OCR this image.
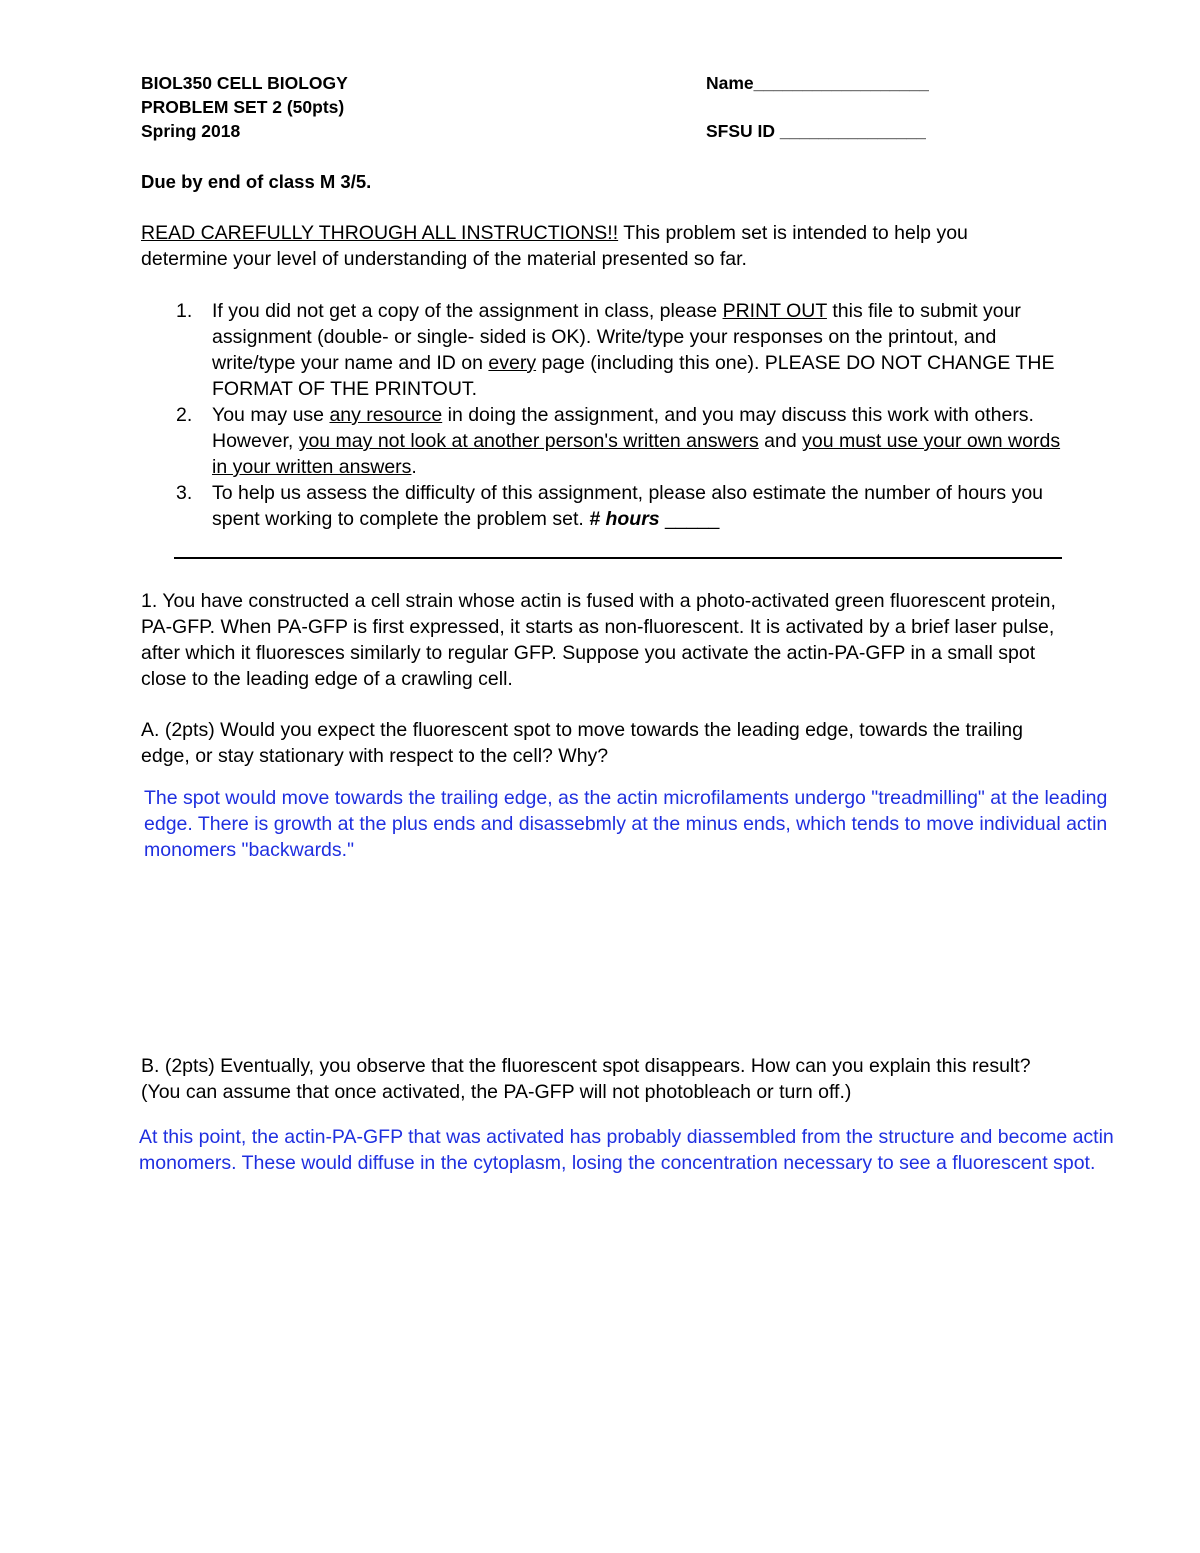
BIOL350 CELL BIOLOGY
PROBLEM SET 2 (50pts)
Spring 2018
Name__________________
SFSU ID _______________
Due by end of class M 3/5.

READ CAREFULLY THROUGH ALL INSTRUCTIONS!! This problem set is intended to help you determine your level of understanding of the material presented so far.

1. If you did not get a copy of the assignment in class, please PRINT OUT this file to submit your assignment (double- or single- sided is OK). Write/type your responses on the printout, and write/type your name and ID on every page (including this one). PLEASE DO NOT CHANGE THE FORMAT OF THE PRINTOUT.
2. You may use any resource in doing the assignment, and you may discuss this work with others. However, you may not look at another person's written answers and you must use your own words in your written answers.
3. To help us assess the difficulty of this assignment, please also estimate the number of hours you spent working to complete the problem set. # hours _____

1. You have constructed a cell strain whose actin is fused with a photo-activated green fluorescent protein, PA-GFP. When PA-GFP is first expressed, it starts as non-fluorescent. It is activated by a brief laser pulse, after which it fluoresces similarly to regular GFP. Suppose you activate the actin-PA-GFP in a small spot close to the leading edge of a crawling cell.

A. (2pts) Would you expect the fluorescent spot to move towards the leading edge, towards the trailing edge, or stay stationary with respect to the cell? Why?

The spot would move towards the trailing edge, as the actin microfilaments undergo "treadmilling" at the leading edge. There is growth at the plus ends and disassebmly at the minus ends, which tends to move individual actin monomers "backwards."

B. (2pts) Eventually, you observe that the fluorescent spot disappears. How can you explain this result? (You can assume that once activated, the PA-GFP will not photobleach or turn off.)

At this point, the actin-PA-GFP that was activated has probably diassembled from the structure and become actin monomers. These would diffuse in the cytoplasm, losing the concentration necessary to see a fluorescent spot.
